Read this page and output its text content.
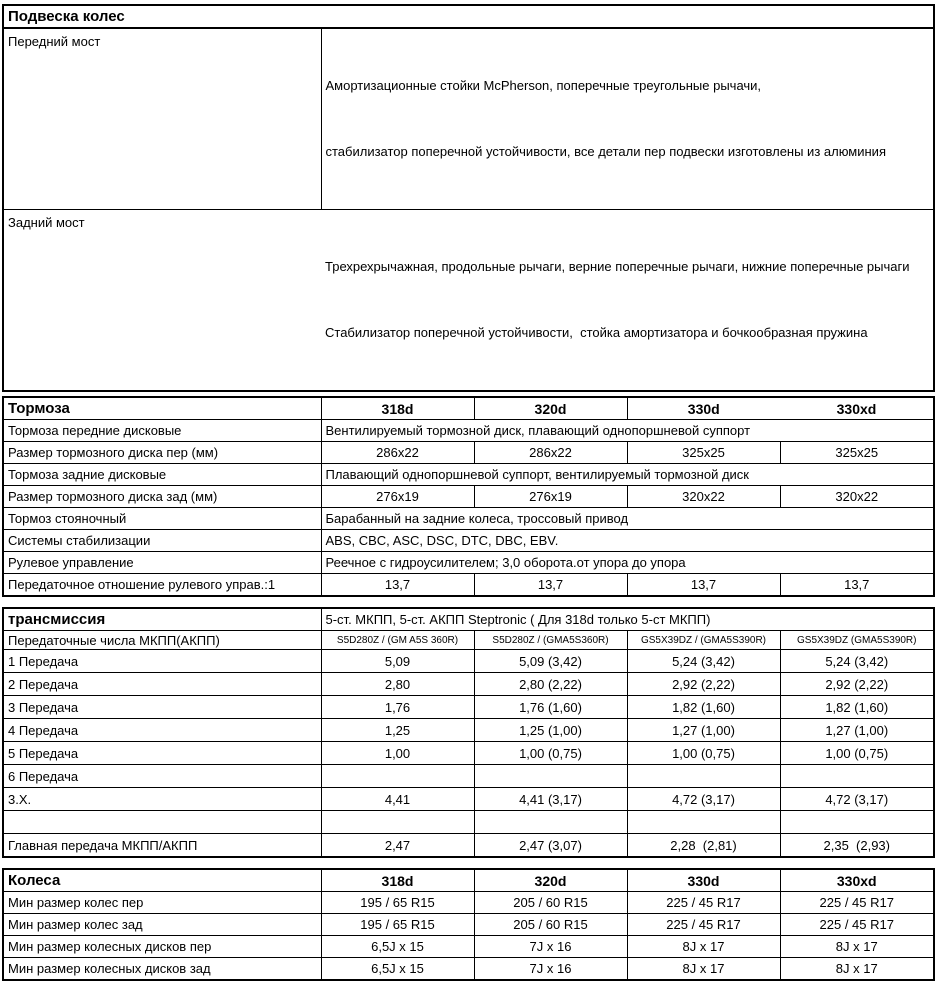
Подвеска колес	
Передний мост	Амортизационные стойки McPherson, поперечные треугольные рычачи,

стабилизатор поперечной устойчивости, все детали пер подвески изготовлены из алюминия

Задний мост	Трехрехрычажная, продольные рычаги, верние поперечные рычаги, нижние поперечные рычаги

Стабилизатор поперечной устойчивости,  стойка амортизатора и бочкообразная пружина

Тормоза	318d	320d	330d	330xd
Тормоза передние дисковые	Вентилируемый тормозной диск, плавающий однопоршневой суппорт			
Размер тормозного диска пер (мм)	286x22	286x22	325x25	325x25
Тормоза задние дисковые	Плавающий однопоршневой суппорт, вентилируемый тормозной диск			
Размер тормозного диска зад (мм)	276x19	276x19	320x22	320x22
Тормоз стояночный	Барабанный на задние колеса, троссовый привод			
Системы стабилизации	ABS, CBC, ASC, DSC, DTC, DBC, EBV.			
Рулевое управление	Реечное с гидроусилителем; 3,0 оборота.от упора до упора			
Передаточное отношение рулевого управ.:1	13,7	13,7	13,7	13,7
трансмиссия	5-ст. МКПП, 5-ст. АКПП Steptronic ( Для 318d только 5-ст МКПП)			
Передаточные числа МКПП(АКПП)	S5D280Z / (GM A5S 360R)	S5D280Z / (GMA5S360R)	GS5X39DZ / (GMA5S390R)	GS5X39DZ (GMA5S390R)
1 Передача	5,09	5,09 (3,42)	5,24 (3,42)	5,24 (3,42)
2 Передача	2,80	2,80 (2,22)	2,92 (2,22)	2,92 (2,22)
3 Передача	1,76	1,76 (1,60)	1,82 (1,60)	1,82 (1,60)
4 Передача	1,25	1,25 (1,00)	1,27 (1,00)	1,27 (1,00)
5 Передача	1,00	1,00 (0,75)	1,00 (0,75)	1,00 (0,75)
6 Передача				
3.Х.	4,41	4,41 (3,17)	4,72 (3,17)	4,72 (3,17)

Главная передача МКПП/АКПП	2,47	2,47 (3,07)	2,28  (2,81)	2,35  (2,93)
Колеса	318d	320d	330d	330xd
Мин размер колес пер	195 / 65 R15	205 / 60 R15	225 / 45 R17	225 / 45 R17
Мин размер колес зад	195 / 65 R15	205 / 60 R15	225 / 45 R17	225 / 45 R17
Мин размер колесных дисков пер	6,5J x 15	7J x 16	8J x 17	8J x 17
Мин размер колесных дисков зад	6,5J x 15	7J x 16	8J x 17	8J x 17
